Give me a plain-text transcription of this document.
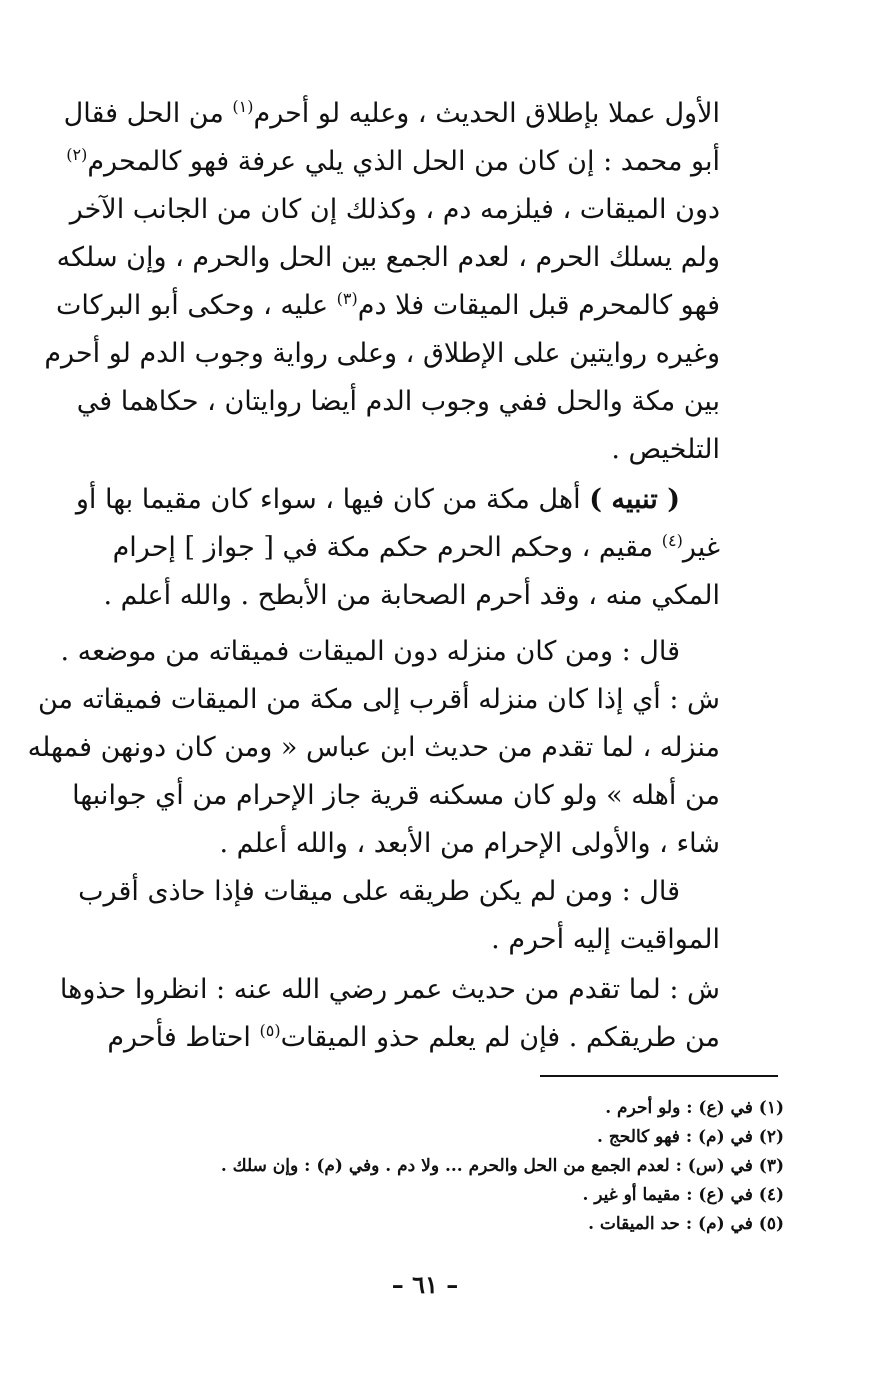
الأول عملا بإطلاق الحديث ، وعليه لو أحرم$^{(١)}$ من الحل فقال
أبو محمد : إن كان من الحل الذي يلي عرفة فهو كالمحرم$^{(٢)}$
دون الميقات ، فيلزمه دم ، وكذلك إن كان من الجانب الآخر
ولم يسلك الحرم ، لعدم الجمع بين الحل والحرم ، وإن سلكه
فهو كالمحرم قبل الميقات فلا دم$^{(٣)}$ عليه ، وحكى أبو البركات
وغيره روايتين على الإطلاق ، وعلى رواية وجوب الدم لو أحرم
بين مكة والحل ففي وجوب الدم أيضا روايتان ، حكاهما في
التلخيص .
( تنبيه ) أهل مكة من كان فيها ، سواء كان مقيما بها أو
غير$^{(٤)}$ مقيم ، وحكم الحرم حكم مكة في [ جواز ] إحرام
المكي منه ، وقد أحرم الصحابة من الأبطح . والله أعلم .
قال : ومن كان منزله دون الميقات فميقاته من موضعه .
ش : أي إذا كان منزله أقرب إلى مكة من الميقات فميقاته من
منزله ، لما تقدم من حديث ابن عباس « ومن كان دونهن فمهله
من أهله » ولو كان مسكنه قرية جاز الإحرام من أي جوانبها
شاء ، والأولى الإحرام من الأبعد ، والله أعلم .
قال : ومن لم يكن طريقه على ميقات فإذا حاذى أقرب
المواقيت إليه أحرم .
ش : لما تقدم من حديث عمر رضي الله عنه : انظروا حذوها
من طريقكم . فإن لم يعلم حذو الميقات$^{(٥)}$ احتاط فأحرم
(١) في (ع) : ولو أحرم .
(٢) في (م) : فهو كالحج .
(٣) في (س) : لعدم الجمع من الحل والحرم ... ولا دم . وفي (م) : وإن سلك .
(٤) في (ع) : مقيما أو غير .
(٥) في (م) : حد الميقات .
– ٦١ –
